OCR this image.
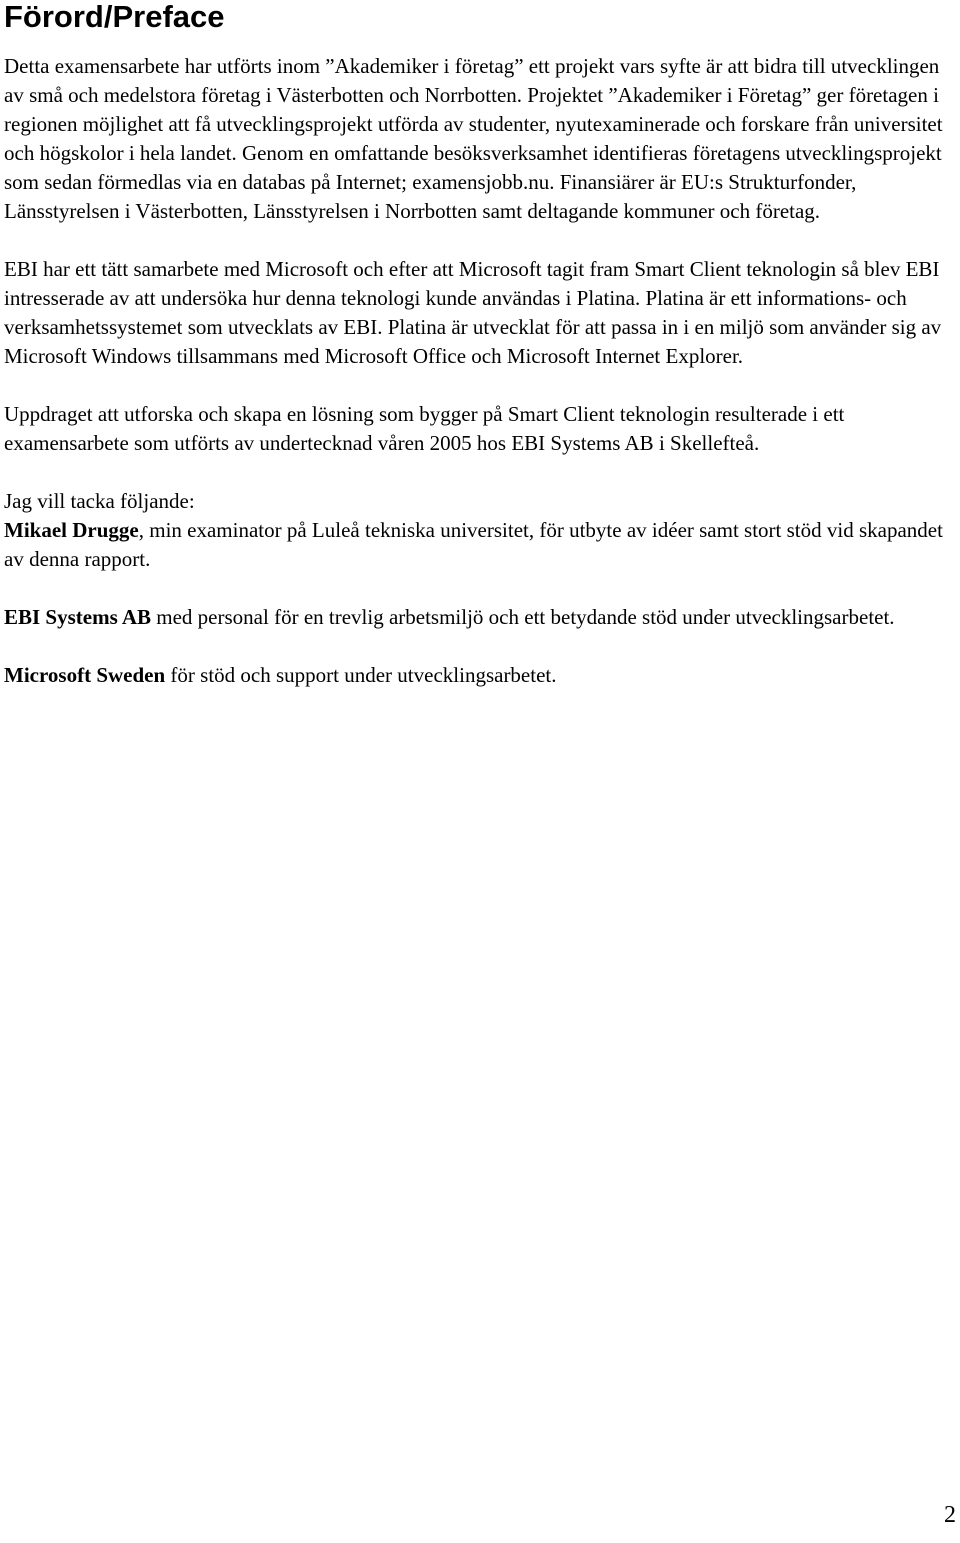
Förord/Preface

Detta examensarbete har utförts inom ”Akademiker i företag” ett projekt vars syfte är att bidra till utvecklingen av små och medelstora företag i Västerbotten och Norrbotten. Projektet ”Akademiker i Företag” ger företagen i regionen möjlighet att få utvecklingsprojekt utförda av studenter, nyutexaminerade och forskare från universitet och högskolor i hela landet. Genom en omfattande besöksverksamhet identifieras företagens utvecklingsprojekt som sedan förmedlas via en databas på Internet; examensjobb.nu. Finansiärer är EU:s Strukturfonder, Länsstyrelsen i Västerbotten, Länsstyrelsen i Norrbotten samt deltagande kommuner och företag.

EBI har ett tätt samarbete med Microsoft och efter att Microsoft tagit fram Smart Client teknologin så blev EBI intresserade av att undersöka hur denna teknologi kunde användas i Platina. Platina är ett informations- och verksamhetssystemet som utvecklats av EBI. Platina är utvecklat för att passa in i en miljö som använder sig av Microsoft Windows tillsammans med Microsoft Office och Microsoft Internet Explorer.

Uppdraget att utforska och skapa en lösning som bygger på Smart Client teknologin resulterade i ett examensarbete som utförts av undertecknad våren 2005 hos EBI Systems AB i Skellefteå.

Jag vill tacka följande:

Mikael Drugge, min examinator på Luleå tekniska universitet, för utbyte av idéer samt stort stöd vid skapandet av denna rapport.

EBI Systems AB med personal för en trevlig arbetsmiljö och ett betydande stöd under utvecklingsarbetet.

Microsoft Sweden för stöd och support under utvecklingsarbetet.

2
